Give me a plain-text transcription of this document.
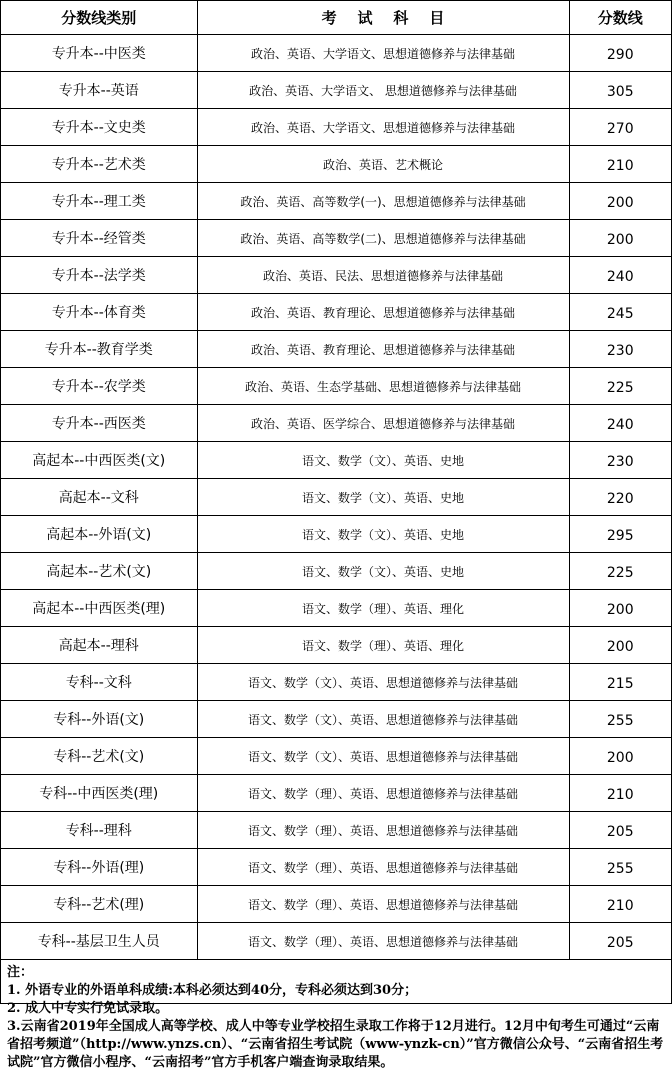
分数线类别	考    试    科    目	分数线
专升本--中医类	政治、英语、大学语文、思想道德修养与法律基础	290
专升本--英语	政治、英语、大学语文、 思想道德修养与法律基础	305
专升本--文史类	政治、英语、大学语文、思想道德修养与法律基础	270
专升本--艺术类	政治、英语、艺术概论	210
专升本--理工类	政治、英语、高等数学(一)、思想道德修养与法律基础	200
专升本--经管类	政治、英语、高等数学(二)、思想道德修养与法律基础	200
专升本--法学类	政治、英语、民法、思想道德修养与法律基础	240
专升本--体育类	政治、英语、教育理论、思想道德修养与法律基础	245
专升本--教育学类	政治、英语、教育理论、思想道德修养与法律基础	230
专升本--农学类	政治、英语、生态学基础、思想道德修养与法律基础	225
专升本--西医类	政治、英语、医学综合、思想道德修养与法律基础	240
高起本--中西医类(文)	语文、数学（文）、英语、史地	230
高起本--文科	语文、数学（文）、英语、史地	220
高起本--外语(文)	语文、数学（文）、英语、史地	295
高起本--艺术(文)	语文、数学（文）、英语、史地	225
高起本--中西医类(理)	语文、数学（理）、英语、理化	200
高起本--理科	语文、数学（理）、英语、理化	200
专科--文科	语文、数学（文）、英语、思想道德修养与法律基础	215
专科--外语(文)	语文、数学（文）、英语、思想道德修养与法律基础	255
专科--艺术(文)	语文、数学（文）、英语、思想道德修养与法律基础	200
专科--中西医类(理)	语文、数学（理）、英语、思想道德修养与法律基础	210
专科--理科	语文、数学（理）、英语、思想道德修养与法律基础	205
专科--外语(理)	语文、数学（理）、英语、思想道德修养与法律基础	255
专科--艺术(理)	语文、数学（理）、英语、思想道德修养与法律基础	210
专科--基层卫生人员	语文、数学（理）、英语、思想道德修养与法律基础	205
注：
1. 外语专业的外语单科成绩:本科必须达到40分，专科必须达到30分；
2. 成人中专实行免试录取。
3.云南省2019年全国成人高等学校、成人中等专业学校招生录取工作将于12月进行。12月中旬考生可通过“云南省招考频道”（http://www.ynzs.cn）、“云南省招生考试院（www-ynzk-cn）”官方微信公众号、“云南省招生考试院”官方微信小程序、“云南招考”官方手机客户端查询录取结果。
